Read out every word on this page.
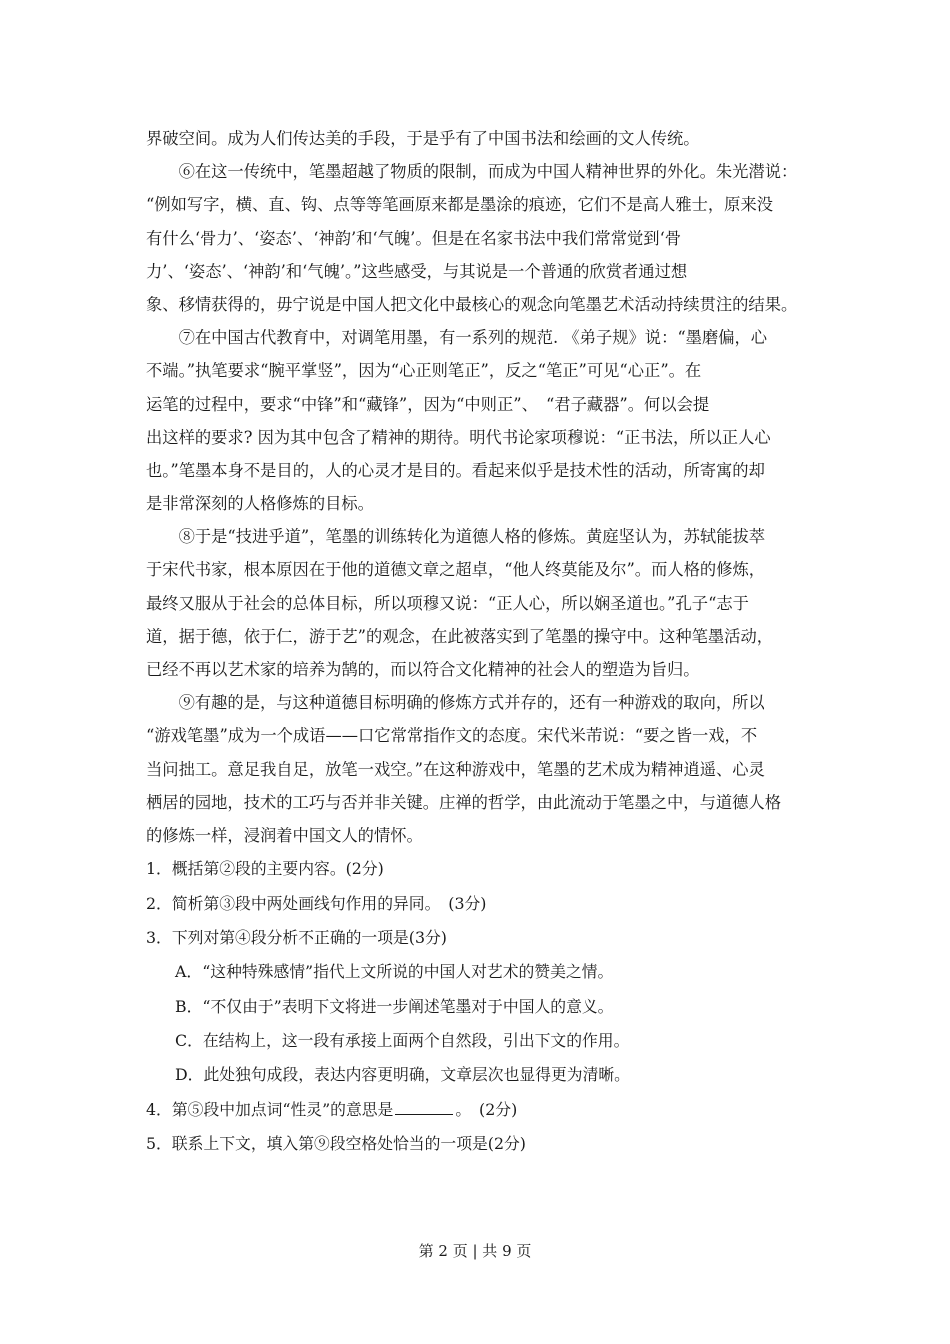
界破空间。成为人们传达美的手段，于是乎有了中国书法和绘画的文人传统。
　　⑥在这一传统中，笔墨超越了物质的限制，而成为中国人精神世界的外化。朱光潜说：
“例如写字，横、直、钩、点等等笔画原来都是墨涂的痕迹，它们不是高人雅士，原来没
有什么‘骨力’、‘姿态’、‘神韵’和‘气魄’。但是在名家书法中我们常常觉到‘骨
力’、‘姿态’、‘神韵’和‘气魄’。”这些感受，与其说是一个普通的欣赏者通过想
象、移情获得的，毋宁说是中国人把文化中最核心的观念向笔墨艺术活动持续贯注的结果。
　　⑦在中国古代教育中，对调笔用墨，有一系列的规范. 《弟子规》说：“墨磨偏，心
不端。”执笔要求“腕平掌竖”，因为“心正则笔正”，反之“笔正”可见“心正”。在
运笔的过程中，要求“中锋”和“藏锋”，因为“中则正”、　“君子藏器”。何以会提
出这样的要求? 因为其中包含了精神的期待。明代书论家项穆说：“正书法，所以正人心
也。”笔墨本身不是目的，人的心灵才是目的。看起来似乎是技术性的活动，所寄寓的却
是非常深刻的人格修炼的目标。
　　⑧于是“技进乎道”，笔墨的训练转化为道德人格的修炼。黄庭坚认为，苏轼能拔萃
于宋代书家，根本原因在于他的道德文章之超卓，“他人终莫能及尔”。而人格的修炼，
最终又服从于社会的总体目标，所以项穆又说：“正人心，所以娴圣道也。”孔子“志于
道，据于德，依于仁，游于艺”的观念，在此被落实到了笔墨的操守中。这种笔墨活动，
已经不再以艺术家的培养为鹄的，而以符合文化精神的社会人的塑造为旨归。
　　⑨有趣的是，与这种道德目标明确的修炼方式并存的，还有一种游戏的取向，所以
“游戏笔墨”成为一个成语——口它常常指作文的态度。宋代米芾说：“要之皆一戏，不
当问拙工。意足我自足，放笔一戏空。”在这种游戏中，笔墨的艺术成为精神逍遥、心灵
栖居的园地，技术的工巧与否并非关键。庄禅的哲学，由此流动于笔墨之中，与道德人格
的修炼一样，浸润着中国文人的情怀。
1．概括第②段的主要内容。(2分)
2．简析第③段中两处画线句作用的异同。　(3分)
3．下列对第④段分析不正确的一项是(3分)
A．“这种特殊感情”指代上文所说的中国人对艺术的赞美之情。
B．“不仅由于”表明下文将进一步阐述笔墨对于中国人的意义。
C．在结构上，这一段有承接上面两个自然段，引出下文的作用。
D．此处独句成段，表达内容更明确，文章层次也显得更为清晰。
4．第⑤段中加点词“性灵”的意思是	。　(2分)
5．联系上下文，填入第⑨段空格处恰当的一项是(2分)
第 2 页 | 共 9 页
